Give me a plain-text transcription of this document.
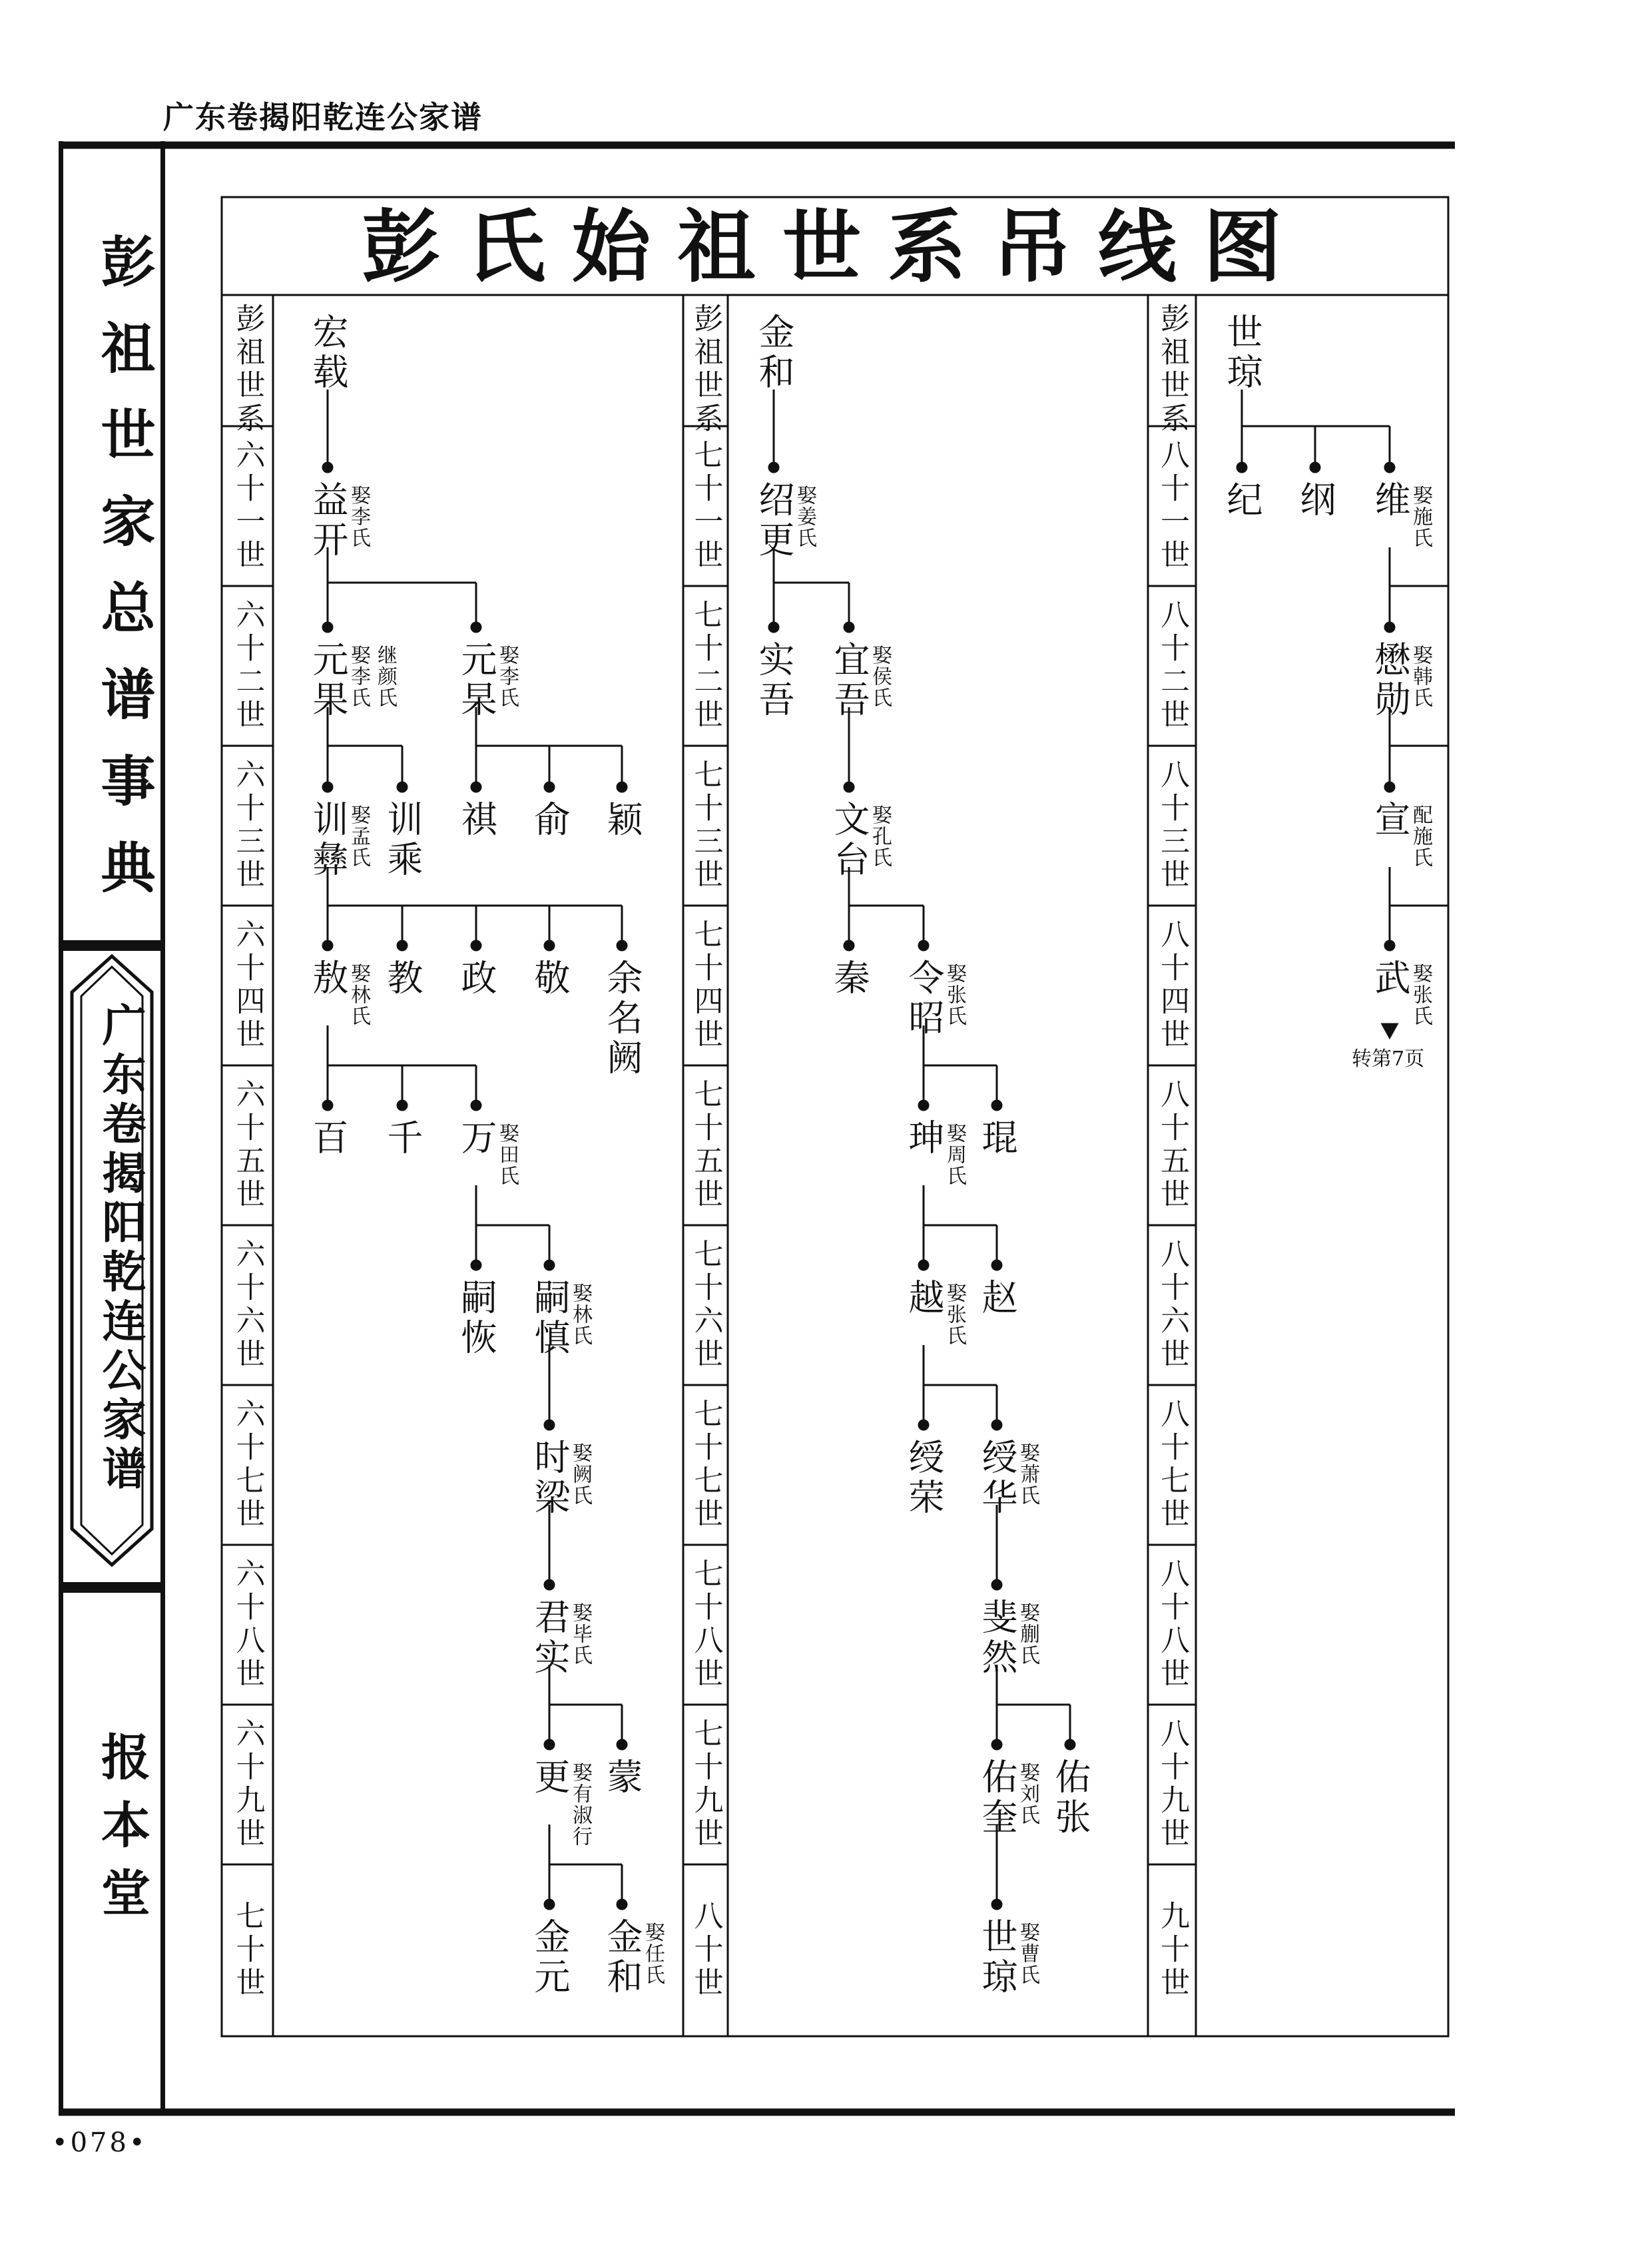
广东卷揭阳乾连公家谱
彭祖世家总谱事典
广东卷揭阳乾连公家谱
报本堂
彭氏始祖世系吊线图
彭祖世系
六十一世
六十二世
六十三世
六十四世
六十五世
六十六世
六十七世
六十八世
六十九世
七十世
彭祖世系
七十一世
七十二世
七十三世
七十四世
七十五世
七十六世
七十七世
七十八世
七十九世
八十世
彭祖世系
八十一世
八十二世
八十三世
八十四世
八十五世
八十六世
八十七世
八十八世
八十九世
九十世
宏载
益开
娶李氏
元果
娶李氏 继颜氏 元杲
娶李氏
训彝
娶孟氏 训乘 祺 俞 颖
敖
娶林氏 教 政 敬 余名阙
百 千 万
娶田氏
嗣恢 嗣慎
娶林氏
时梁
娶阙氏
君实
娶毕氏
更
娶有淑行 蒙
金元 金和
娶任氏
金和
绍更
娶姜氏
实吾 宜吾
娶侯氏
文台
娶孔氏
秦 令昭
娶张氏
珅
娶周氏 琨
越
娶张氏 赵
绶荣 绶华
娶萧氏
斐然
娶蒯氏
佑奎
娶刘氏 佑张
世琼
娶曹氏
世琼
纪 纲 维
娶施氏
懋勋
娶韩氏
宣
配施氏
武
娶张氏
转第7页
•078•
